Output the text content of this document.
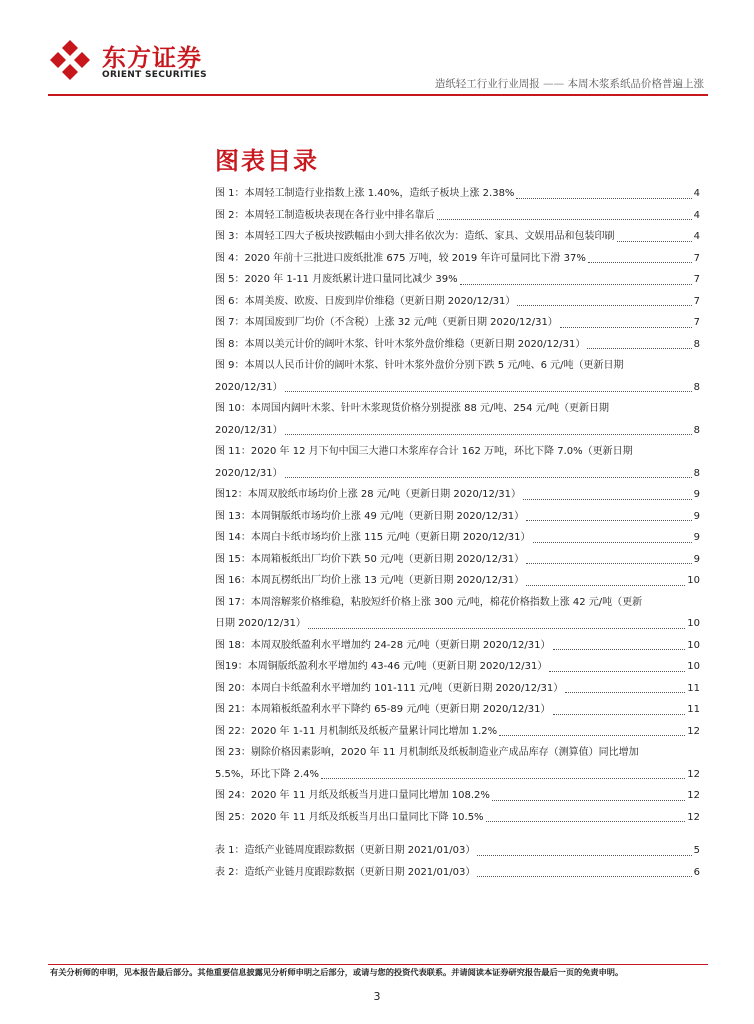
东方证券
ORIENT SECURITIES
造纸轻工行业行业周报 —— 本周木浆系纸品价格普遍上涨
图表目录
图 1：本周轻工制造行业指数上涨 1.40%，造纸子板块上涨 2.38%	4
图 2：本周轻工制造板块表现在各行业中排名靠后	4
图 3：本周轻工四大子板块按跌幅由小到大排名依次为：造纸、家具、文娱用品和包装印刷	4
图 4：2020 年前十三批进口废纸批准 675 万吨，较 2019 年许可量同比下滑 37%	7
图 5：2020 年 1-11 月废纸累计进口量同比减少 39%	7
图 6：本周美废、欧废、日废到岸价维稳（更新日期 2020/12/31）	7
图 7：本周国废到厂均价（不含税）上涨 32 元/吨（更新日期 2020/12/31）	7
图 8：本周以美元计价的阔叶木浆、针叶木浆外盘价维稳（更新日期 2020/12/31）	8
图 9：本周以人民币计价的阔叶木浆、针叶木浆外盘价分别下跌 5 元/吨、6 元/吨（更新日期
2020/12/31）	8
图 10：本周国内阔叶木浆、针叶木浆现货价格分别提涨 88 元/吨、254 元/吨（更新日期
2020/12/31）	8
图 11：2020 年 12 月下旬中国三大港口木浆库存合计 162 万吨，环比下降 7.0%（更新日期
2020/12/31）	8
图12：本周双胶纸市场均价上涨 28 元/吨（更新日期 2020/12/31）	9
图 13：本周铜版纸市场均价上涨 49 元/吨（更新日期 2020/12/31）	9
图 14：本周白卡纸市场均价上涨 115 元/吨（更新日期 2020/12/31）	9
图 15：本周箱板纸出厂均价下跌 50 元/吨（更新日期 2020/12/31）	9
图 16：本周瓦楞纸出厂均价上涨 13 元/吨（更新日期 2020/12/31）	10
图 17：本周溶解浆价格维稳，粘胶短纤价格上涨 300 元/吨，棉花价格指数上涨 42 元/吨（更新
日期 2020/12/31）	10
图 18：本周双胶纸盈利水平增加约 24-28 元/吨（更新日期 2020/12/31）	10
图19：本周铜版纸盈利水平增加约 43-46 元/吨（更新日期 2020/12/31）	10
图 20：本周白卡纸盈利水平增加约 101-111 元/吨（更新日期 2020/12/31）	11
图 21：本周箱板纸盈利水平下降约 65-89 元/吨（更新日期 2020/12/31）	11
图 22：2020 年 1-11 月机制纸及纸板产量累计同比增加 1.2%	12
图 23：剔除价格因素影响，2020 年 11 月机制纸及纸板制造业产成品库存（测算值）同比增加
5.5%，环比下降 2.4%	12
图 24：2020 年 11 月纸及纸板当月进口量同比增加 108.2%	12
图 25：2020 年 11 月纸及纸板当月出口量同比下降 10.5%	12
表 1：造纸产业链周度跟踪数据（更新日期 2021/01/03）	5
表 2：造纸产业链月度跟踪数据（更新日期 2021/01/03）	6
有关分析师的申明，见本报告最后部分。其他重要信息披露见分析师申明之后部分，或请与您的投资代表联系。并请阅读本证券研究报告最后一页的免责申明。
3
